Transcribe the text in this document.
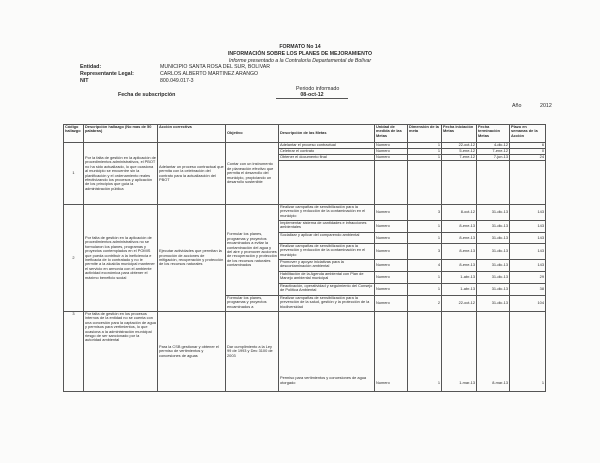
FORMATO No 14
INFORMACIÓN SOBRE LOS PLANES DE MEJORAMIENTO
Informe presentado a la Contraloría Departamental de Bolívar
Entidad:	MUNICIPIO SANTA ROSA DEL SUR, BOLIVAR
Representante Legal:	CARLOS ALBERTO MARTINEZ ARANGO
NIT	800.049.017-3
Periodo informado
Fecha de subscripción	08-oct-12
Año	2012
Código hallazgo	Descripción hallazgo (No mas de 50 palabras)	Acción correctiva	Objetivo	Descripción de las Metas	Unidad de medida de las Metas	Dimensión de la meta	Fecha iniciación Metas	Fecha terminación Metas	Plazo en semanas de la Acción
1	Por la falta de gestión en la aplicación de procedimientos administrativos, el PBOT no ha sido actualizado, lo que ocasiona al municipio se encuentre sin la planificación y el ordenamiento reales efectivizando los procesos y aplicación de los principios que guía la administración pública	Adelantar un proceso contractual que permita con la celebración del contrato para la actualización del PBOT	Contar con un instrumento de planeación efectivo que permita el desarrollo del municipio, propiciando un desarrollo sostenible	Adelantar el proceso contractual	Numero	1	22-oct-12	4-dic-12	6
				Celebrar el contrato	Numero	1	5-ene-12	7-ene-12	0
				Obtener el documento final	Numero	1	7-ene-12	7-jun-13	24

2	Por falta de gestión en la aplicación de procedimientos administrativos no se formularon los planes, programas y proyectos contemplados en el POMIS que pueda contribuir a la ineficiencia e ineficacia de lo contratado y no le permite a la alcaldía municipal mantener el servicio en armonía con el ambiente actividad económica para obtener el máximo beneficio social	Ejecutar actividades que permitan la promoción de acciones de mitigación, recuperación y protección de los recursos naturales	Formular los planes, programas y proyectos encaminados a evitar la contaminación del agua y del aire y promover acciones de recuperación y protección de los recursos naturales contaminados	Realizar campañas de sensibilización para la prevención y reducción de la contaminación en el municipio	Numero	3	8-oct-12	31-dic-13	143
				Implementar sistema de cantidades e infracciones ambientales	Numero	1	8-ene-13	31-dic-13	143
				Socializar y aplicar del comparendo ambiental	Numero	1	8-ene-13	31-dic-13	143
				Realizar campañas de sensibilización para la prevención y reducción de la contaminación en el municipio	Numero	3	8-ene-13	31-dic-13	143
				Promover y apoyar iniciativas para la descontaminación ambiental	Numero	4	8-ene-13	31-dic-13	143
				Habilitación de la Agenda ambiental con Plan de Manejo ambiental municipal	Numero	1	1-abr-13	31-dic-13	29
				Reactivación, operatividad y seguimiento del Consejo de Política Ambiental	Numero	1	1-abr-13	31-dic-13	38
			Formular los planes, programas y proyectos encaminados a	Realizar campañas de sensibilización para la prevención de la salud, gestión y la protección de la biodiversidad	Numero	2	22-oct-12	31-dic-13	104
3	Por falta de gestión en los procesos internos de la entidad no se cuenta con una concesión para la captación de agua y permisos para vertimientos, lo que ocasiona a la administración municipal riesgo de ser sancionado por la autoridad ambiental	Para la CSB gestionar y obtener el permiso de vertimientos y concesiones de aguas	Dar cumplimiento a la Ley 99 de 1993 y Dec 3100 de 2003	Permiso para vertimientos y concesiones de agua otorgado	Numero	1	1-mar-13	8-mar-13	1
